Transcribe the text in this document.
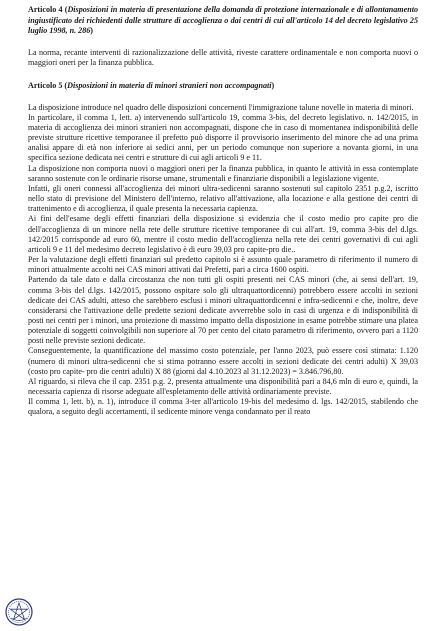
Articolo 4 (Disposizioni in materia di presentazione della domanda di protezione internazionale e di allontanamento ingiustificato dei richiedenti dalle strutture di accoglienza o dai centri di cui all'articolo 14 del decreto legislativo 25 luglio 1998, n. 286)

La norma, recante interventi di razionalizzazione delle attività, riveste carattere ordinamentale e non comporta nuovi o maggiori oneri per la finanza pubblica.

Articolo 5 (Disposizioni in materia di minori stranieri non accompagnati)

La disposizione introduce nel quadro delle disposizioni concernenti l'immigrazione talune novelle in materia di minori.

In particolare, il comma 1, lett. a) intervenendo sull'articolo 19, comma 3-bis, del decreto legislativo. n. 142/2015, in materia di accoglienza dei minori stranieri non accompagnati, dispone che in caso di momentanea indisponibilità delle previste strutture ricettive temporanee il prefetto può disporre il provvisorio inserimento del minore che ad una prima analisi appare di età non inferiore ai sedici anni, per un periodo comunque non superiore a novanta giorni, in una specifica sezione dedicata nei centri e strutture di cui agli articoli 9 e 11.

La disposizione non comporta nuovi o maggiori oneri per la finanza pubblica, in quanto le attività in essa contemplate saranno sostenute con le ordinarie risorse umane, strumentali e finanziarie disponibili a legislazione vigente.

Infatti, gli oneri connessi all'accoglienza dei minori ultra-sedicenni saranno sostenuti sul capitolo 2351 p.g.2, iscritto nello stato di previsione del Ministero dell'interno, relativo all'attivazione, alla locazione e alla gestione dei centri di trattenimento e di accoglienza, il quale presenta la necessaria capienza.

Ai fini dell'esame degli effetti finanziari della disposizione si evidenzia che il costo medio pro capite pro die dell'accoglienza di un minore nella rete delle strutture ricettive temporanee di cui all'art. 19, comma 3-bis del d.lgs. 142/2015 corrisponde ad euro 60, mentre il costo medio dell'accoglienza nella rete dei centri governativi di cui agli articoli 9 e 11 del medesimo decreto legislativo è di euro 39,03 pro capite-pro die..

Per la valutazione degli effetti finanziari sul predetto capitolo si è assunto quale parametro di riferimento il numero di minori attualmente accolti nei CAS minori attivati dai Prefetti, pari a circa 1600 ospiti.

Partendo da tale dato e dalla circostanza che non tutti gli ospiti presenti nei CAS minori (che, ai sensi dell'art. 19, comma 3-bis del d.lgs. 142/2015, possono ospitare solo gli ultraquattordicenni) potrebbero essere accolti in sezioni dedicate dei CAS adulti, atteso che sarebbero esclusi i minori ultraquattordicenni e infra-sedicenni e che, inoltre, deve considerarsi che l'attivazione delle predette sezioni dedicate avverrebbe solo in casi di urgenza e di indisponibilità di posti nei centri per i minori, una proiezione di massimo impatto della disposizione in esame potrebbe stimare una platea potenziale di soggetti coinvolgibili non superiore al 70 per cento del citato parametro di riferimento, ovvero pari a 1120 posti nelle previste sezioni dedicate.

Conseguentemente, la quantificazione del massimo costo potenziale, per l'anno 2023, può essere così stimata: 1.120 (numero di minori ultra-sedicenni che si stima potranno essere accolti in sezioni dedicate dei centri adulti) X 39,03 (costo pro capite- pro die centri adulti) X 88 (giorni dal 4.10.2023 al 31.12.2023) = 3.846.796,80.

Al riguardo, si rileva che il cap. 2351 p.g. 2, presenta attualmente una disponibilità pari a 84,6 mln di euro e, quindi, la necessaria capienza di risorse adeguate all'espletamento delle attività ordinariamente previste.

Il comma 1, lett. b), n. 1), introduce il comma 3-ter all'articolo 19-bis del medesimo d. lgs. 142/2015, stabilendo che qualora, a seguito degli accertamenti, il sedicente minore venga condannato per il reato
